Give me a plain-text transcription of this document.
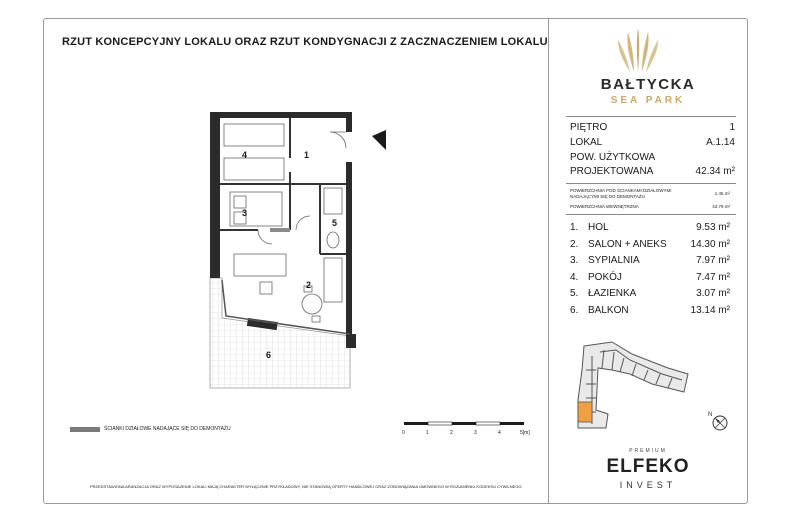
RZUT KONCEPCYJNY LOKALU ORAZ RZUT KONDYGNACJI Z ZACZNACZENIEM LOKALU
BAŁTYCKA
SEA PARK
PIĘTRO	1
LOKAL	A.1.14
POW. UŻYTKOWA
PROJEKTOWANA	42.34 m²
POWIERZCHNIA POD ŚCIANKAMI DZIAŁOWYMI NADAJĄCYMI SIĘ DO DEMONTAŻU
1.45 m²
POWIERZCHNIA WEWNĘTRZNA	43.79 m²
1. HOL	9.53 m²
2. SALON + ANEKS 14.30 m²
3. SYPIALNIA	7.97 m²
4. POKÓJ	7.47 m²
5. ŁAZIENKA	3.07 m²
6. BALKON	13.14 m²
N
PREMIUM
ELFEKO
INVEST
1
2
3
4
5
6
ŚCIANKI DZIAŁOWE NADAJĄCE SIĘ DO DEMONTAŻU
0	1	2	3	4	5[m]
PRZEDSTAWIONA ARANŻACJA ORAZ WYPOSAŻENIE LOKALI MAJĄ CHARAKTER WYŁĄCZNIE PRZYKŁADOWY, NIE STANOWIĄ OFERTY HANDLOWEJ ORAZ ZOBOWIĄZANIA UMOWNEGO W ROZUMIENIU KODEKSU CYWILNEGO.
